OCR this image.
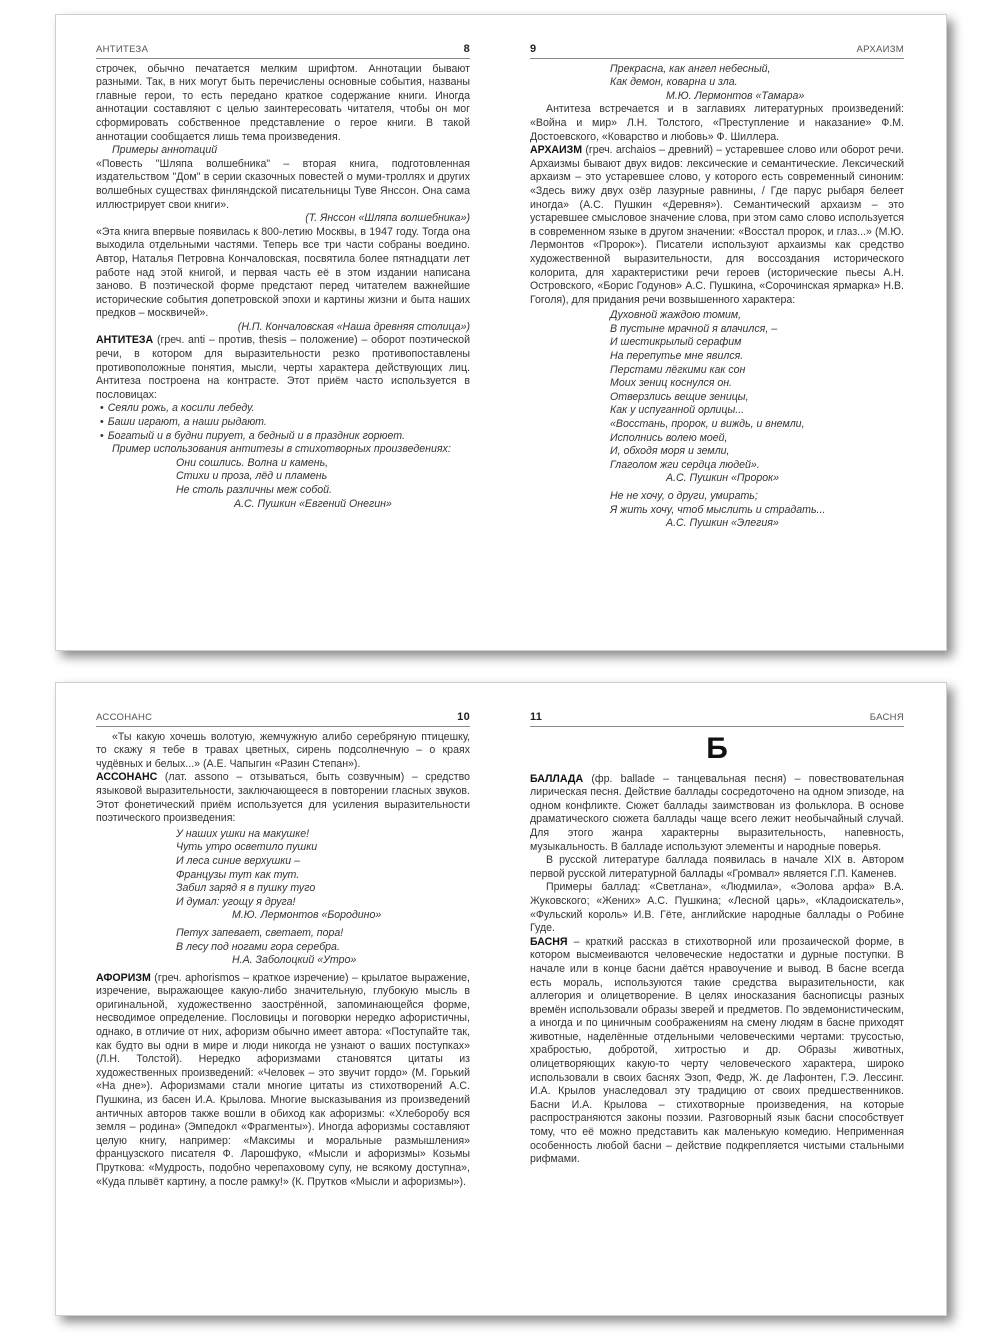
АНТИТЕЗА	8

строчек, обычно печатается мелким шрифтом. Аннотации бывают разными. Так, в них могут быть перечислены основные события, названы главные герои, то есть передано краткое содержание книги. Иногда аннотации составляют с целью заинтересовать читателя, чтобы он мог сформировать собственное представление о герое книги. В такой аннотации сообщается лишь тема произведения.

Примеры аннотаций

«Повесть "Шляпа волшебника" – вторая книга, подготовленная издательством "Дом" в серии сказочных повестей о муми-троллях и других волшебных существах финляндской писательницы Туве Янссон. Она сама иллюстрирует свои книги».

(Т. Янссон «Шляпа волшебника»)

«Эта книга впервые появилась к 800-летию Москвы, в 1947 году. Тогда она выходила отдельными частями. Теперь все три части собраны воедино. Автор, Наталья Петровна Кончаловская, посвятила более пятнадцати лет работе над этой книгой, и первая часть её в этом издании написана заново. В поэтической форме предстают перед читателем важнейшие исторические события допетровской эпохи и картины жизни и быта наших предков – москвичей».

(Н.П. Кончаловская «Наша древняя столица»)

АНТИТЕЗА (греч. anti – против, thesis – положение) – оборот поэтической речи, в котором для выразительности резко противопоставлены противоположные понятия, мысли, черты характера действующих лиц. Антитеза построена на контрасте. Этот приём часто используется в пословицах:

• Сеяли рожь, а косили лебеду.
• Баши играют, а наши рыдают.
• Богатый и в будни пирует, а бедный и в праздник горюет.

Пример использования антитезы в стихотворных произведениях:

Они сошлись. Волна и камень,
Стихи и проза, лёд и пламень
Не столь различны меж собой.
А.С. Пушкин «Евгений Онегин»
9	АРХАИЗМ
Прекрасна, как ангел небесный,
Как демон, коварна и зла.
М.Ю. Лермонтов «Тамара»

Антитеза встречается и в заглавиях литературных произведений: «Война и мир» Л.Н. Толстого, «Преступление и наказание» Ф.М. Достоевского, «Коварство и любовь» Ф. Шиллера.

АРХАИЗМ (греч. archaios – древний) – устаревшее слово или оборот речи. Архаизмы бывают двух видов: лексические и семантические. Лексический архаизм – это устаревшее слово, у которого есть современный синоним: «Здесь вижу двух озёр лазурные равнины, / Где парус рыбаря белеет иногда» (А.С. Пушкин «Деревня»). Семантический архаизм – это устаревшее смысловое значение слова, при этом само слово используется в современном языке в другом значении: «Восстал пророк, и глаз...» (М.Ю. Лермонтов «Пророк»). Писатели используют архаизмы как средство художественной выразительности, для воссоздания исторического колорита, для характеристики речи героев (исторические пьесы А.Н. Островского, «Борис Годунов» А.С. Пушкина, «Сорочинская ярмарка» Н.В. Гоголя), для придания речи возвышенного характера:

Духовной жаждою томим,
В пустыне мрачной я влачился, –
И шестикрылый серафим
На перепутье мне явился.
Перстами лёгкими как сон
Моих зениц коснулся он.
Отверзлись вещие зеницы,
Как у испуганной орлицы...
«Восстань, пророк, и виждь, и внемли,
Исполнись волею моей,
И, обходя моря и земли,
Глаголом жги сердца людей».
А.С. Пушкин «Пророк»
Не не хочу, о други, умирать;
Я жить хочу, чтоб мыслить и страдать...
А.С. Пушкин «Элегия»
АССОНАНС	10

«Ты какую хочешь волотую, жемчужную алибо серебряную птицешку, то скажу я тебе в травах цветных, сирень подсолнечную – о краях чудёвных и белых...» (А.Е. Чапыгин «Разин Степан»).

АССОНАНС (лат. assono – отзываться, быть созвучным) – средство языковой выразительности, заключающееся в повторении гласных звуков. Этот фонетический приём используется для усиления выразительности поэтического произведения:

У наших ушки на макушке!
Чуть утро осветило пушки
И леса синие верхушки –
Французы тут как тут.
Забил заряд я в пушку туго
И думал: угощу я друга!
М.Ю. Лермонтов «Бородино»
Петух запевает, светает, пора!
В лесу под ногами гора серебра.
Н.А. Заболоцкий «Утро»

АФОРИЗМ (греч. aphorismos – краткое изречение) – крылатое выражение, изречение, выражающее какую-либо значительную, глубокую мысль в оригинальной, художественно заострённой, запоминающейся форме, несводимое определение. Пословицы и поговорки нередко афористичны, однако, в отличие от них, афоризм обычно имеет автора: «Поступайте так, как будто вы одни в мире и люди никогда не узнают о ваших поступках» (Л.Н. Толстой). Нередко афоризмами становятся цитаты из художественных произведений: «Человек – это звучит гордо» (М. Горький «На дне»). Афоризмами стали многие цитаты из стихотворений А.С. Пушкина, из басен И.А. Крылова. Многие высказывания из произведений античных авторов также вошли в обиход как афоризмы: «Хлеборобу вся земля – родина» (Эмпедокл «Фрагменты»). Иногда афоризмы составляют целую книгу, например: «Максимы и моральные размышления» французского писателя Ф. Ларошфуко, «Мысли и афоризмы» Козьмы Пруткова: «Мудрость, подобно черепаховому супу, не всякому доступна», «Куда плывёт картину, а после рамку!» (К. Прутков «Мысли и афоризмы»).

11	БАСНЯ
Б

БАЛЛАДА (фр. ballade – танцевальная песня) – повествовательная лирическая песня. Действие баллады сосредоточено на одном эпизоде, на одном конфликте. Сюжет баллады заимствован из фольклора. В основе драматического сюжета баллады чаще всего лежит необычайный случай. Для этого жанра характерны выразительность, напевность, музыкальность. В балладе используют элементы и народные поверья.

В русской литературе баллада появилась в начале XIX в. Автором первой русской литературной баллады «Громвал» является Г.П. Каменев.

Примеры баллад: «Светлана», «Людмила», «Эолова арфа» В.А. Жуковского; «Жених» А.С. Пушкина; «Лесной царь», «Кладоискатель», «Фульский король» И.В. Гёте, английские народные баллады о Робине Гуде.

БАСНЯ – краткий рассказ в стихотворной или прозаической форме, в котором высмеиваются человеческие недостатки и дурные поступки. В начале или в конце басни даётся нравоучение и вывод. В басне всегда есть мораль, используются такие средства выразительности, как аллегория и олицетворение. В целях иносказания баснописцы разных времён использовали образы зверей и предметов. По эвдемонистическим, а иногда и по циничным соображениям на смену людям в басне приходят животные, наделённые отдельными человеческими чертами: трусостью, храбростью, добротой, хитростью и др. Образы животных, олицетворяющих какую-то черту человеческого характера, широко использовали в своих баснях Эзоп, Федр, Ж. де Лафонтен, Г.Э. Лессинг. И.А. Крылов унаследовал эту традицию от своих предшественников. Басни И.А. Крылова – стихотворные произведения, на которые распространяются законы поэзии. Разговорный язык басни способствует тому, что её можно представить как маленькую комедию. Неприменная особенность любой басни – действие подкрепляется чистыми стальными рифмами.
